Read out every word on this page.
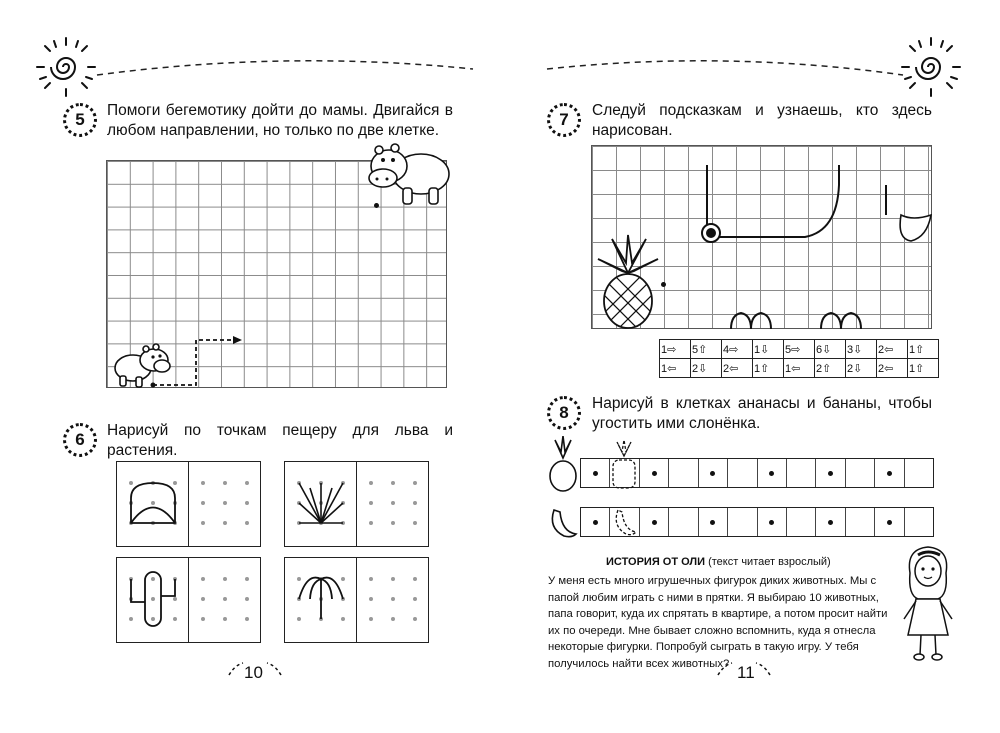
5	Помоги бегемотику дойти до мамы. Двигайся в любом направлении, но только по две клетке.
6	Нарисуй по точкам пещеру для льва и растения.
10
7	Следуй подсказкам и узнаешь, кто здесь нарисован.
1⇨	5⇧	4⇨	1⇩	5⇨	6⇩	3⇩	2⇦	1⇧
1⇦	2⇩	2⇦	1⇧	1⇦	2⇧	2⇩	2⇦	1⇧
8	Нарисуй в клетках ананасы и бананы, чтобы угостить ими слонёнка.
ИСТОРИЯ ОТ ОЛИ (текст читает взрослый)
У меня есть много игрушечных фигурок диких животных. Мы с папой любим играть с ними в прятки. Я выбираю 10 животных, папа говорит, куда их спрятать в квартире, а потом просит найти их по очереди. Мне бывает сложно вспомнить, куда я отнесла некоторые фигурки. Попробуй сыграть в такую игру. У тебя получилось найти всех животных? 11
